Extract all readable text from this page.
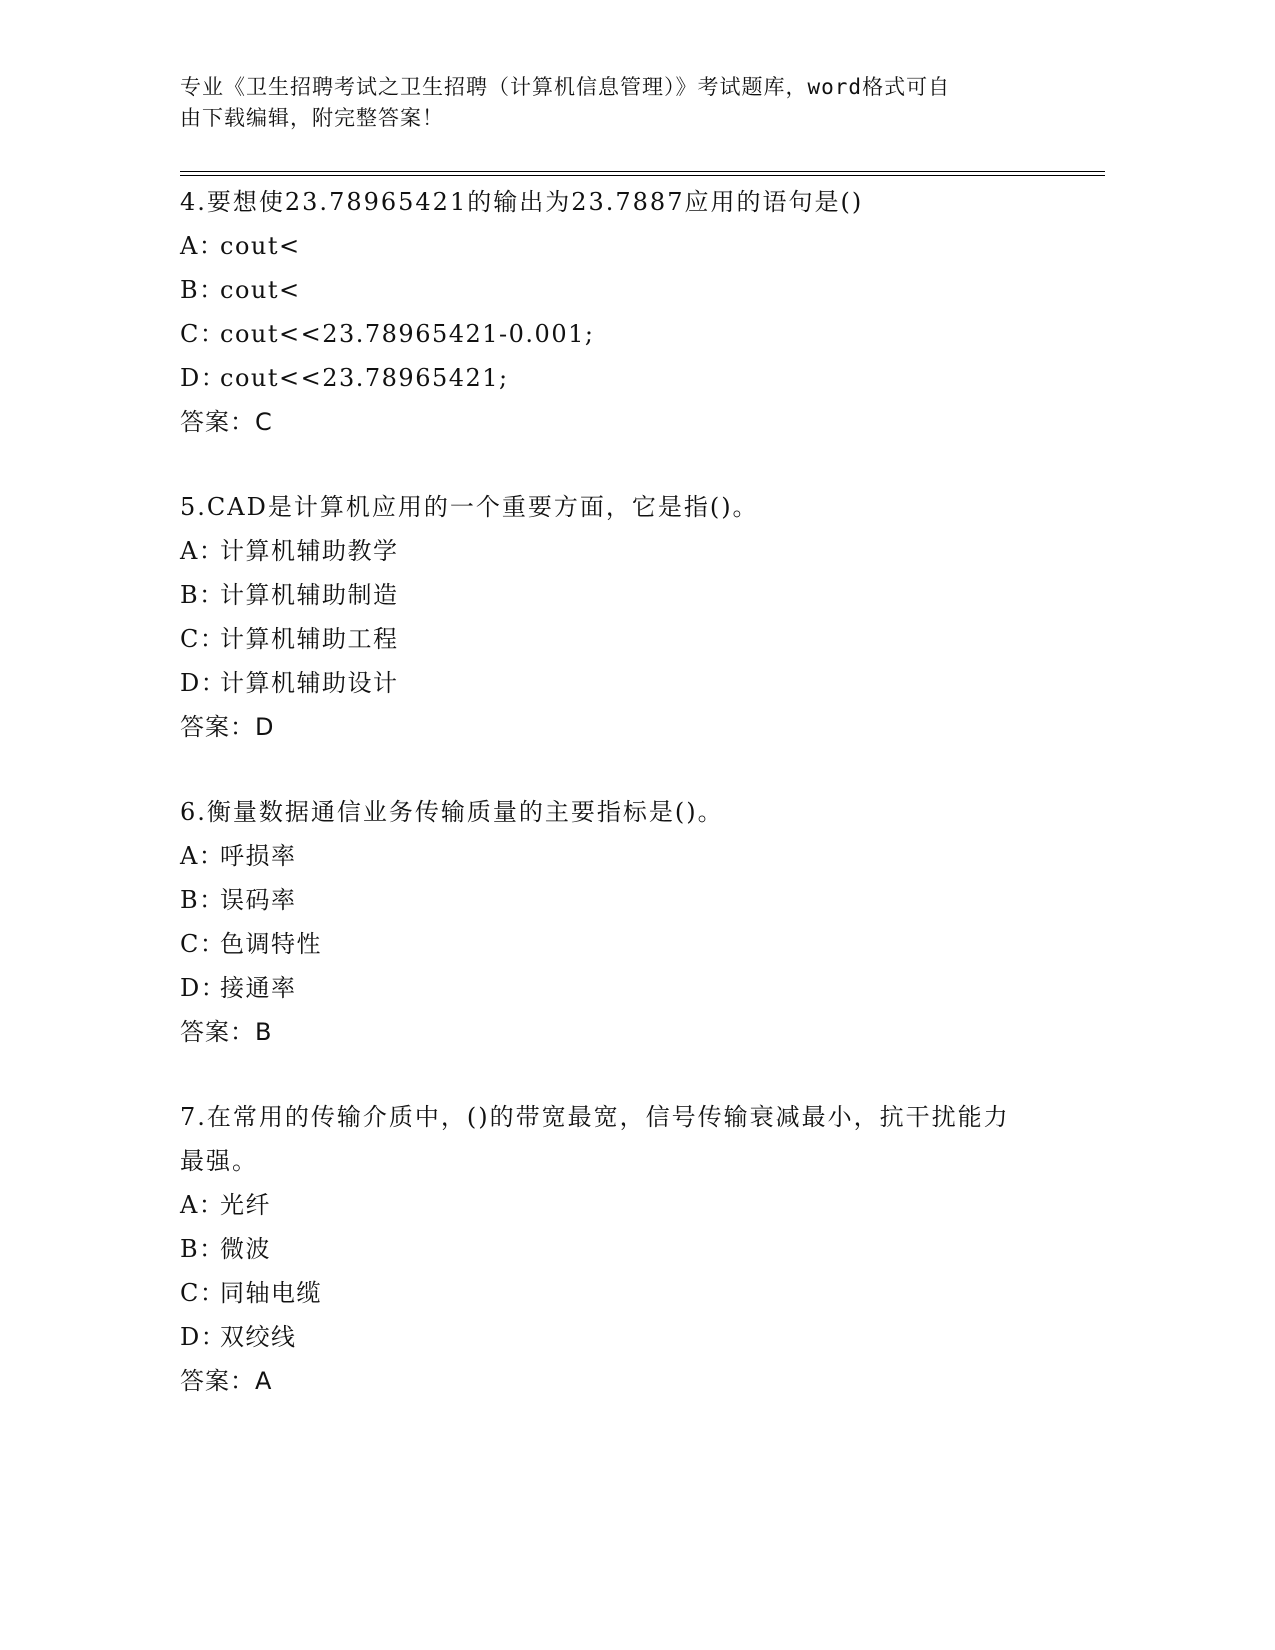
专业《卫生招聘考试之卫生招聘（计算机信息管理）》考试题库，word格式可自
由下载编辑，附完整答案！
4.要想使23.78965421的输出为23.7887应用的语句是()
A：cout<
B：cout<
C：cout<<23.78965421-0.001;
D：cout<<23.78965421;
答案：C
5.CAD是计算机应用的一个重要方面，它是指()。
A：计算机辅助教学
B：计算机辅助制造
C：计算机辅助工程
D：计算机辅助设计
答案：D
6.衡量数据通信业务传输质量的主要指标是()。
A：呼损率
B：误码率
C：色调特性
D：接通率
答案：B
7.在常用的传输介质中，()的带宽最宽，信号传输衰减最小，抗干扰能力最强。
A：光纤
B：微波
C：同轴电缆
D：双绞线
答案：A
